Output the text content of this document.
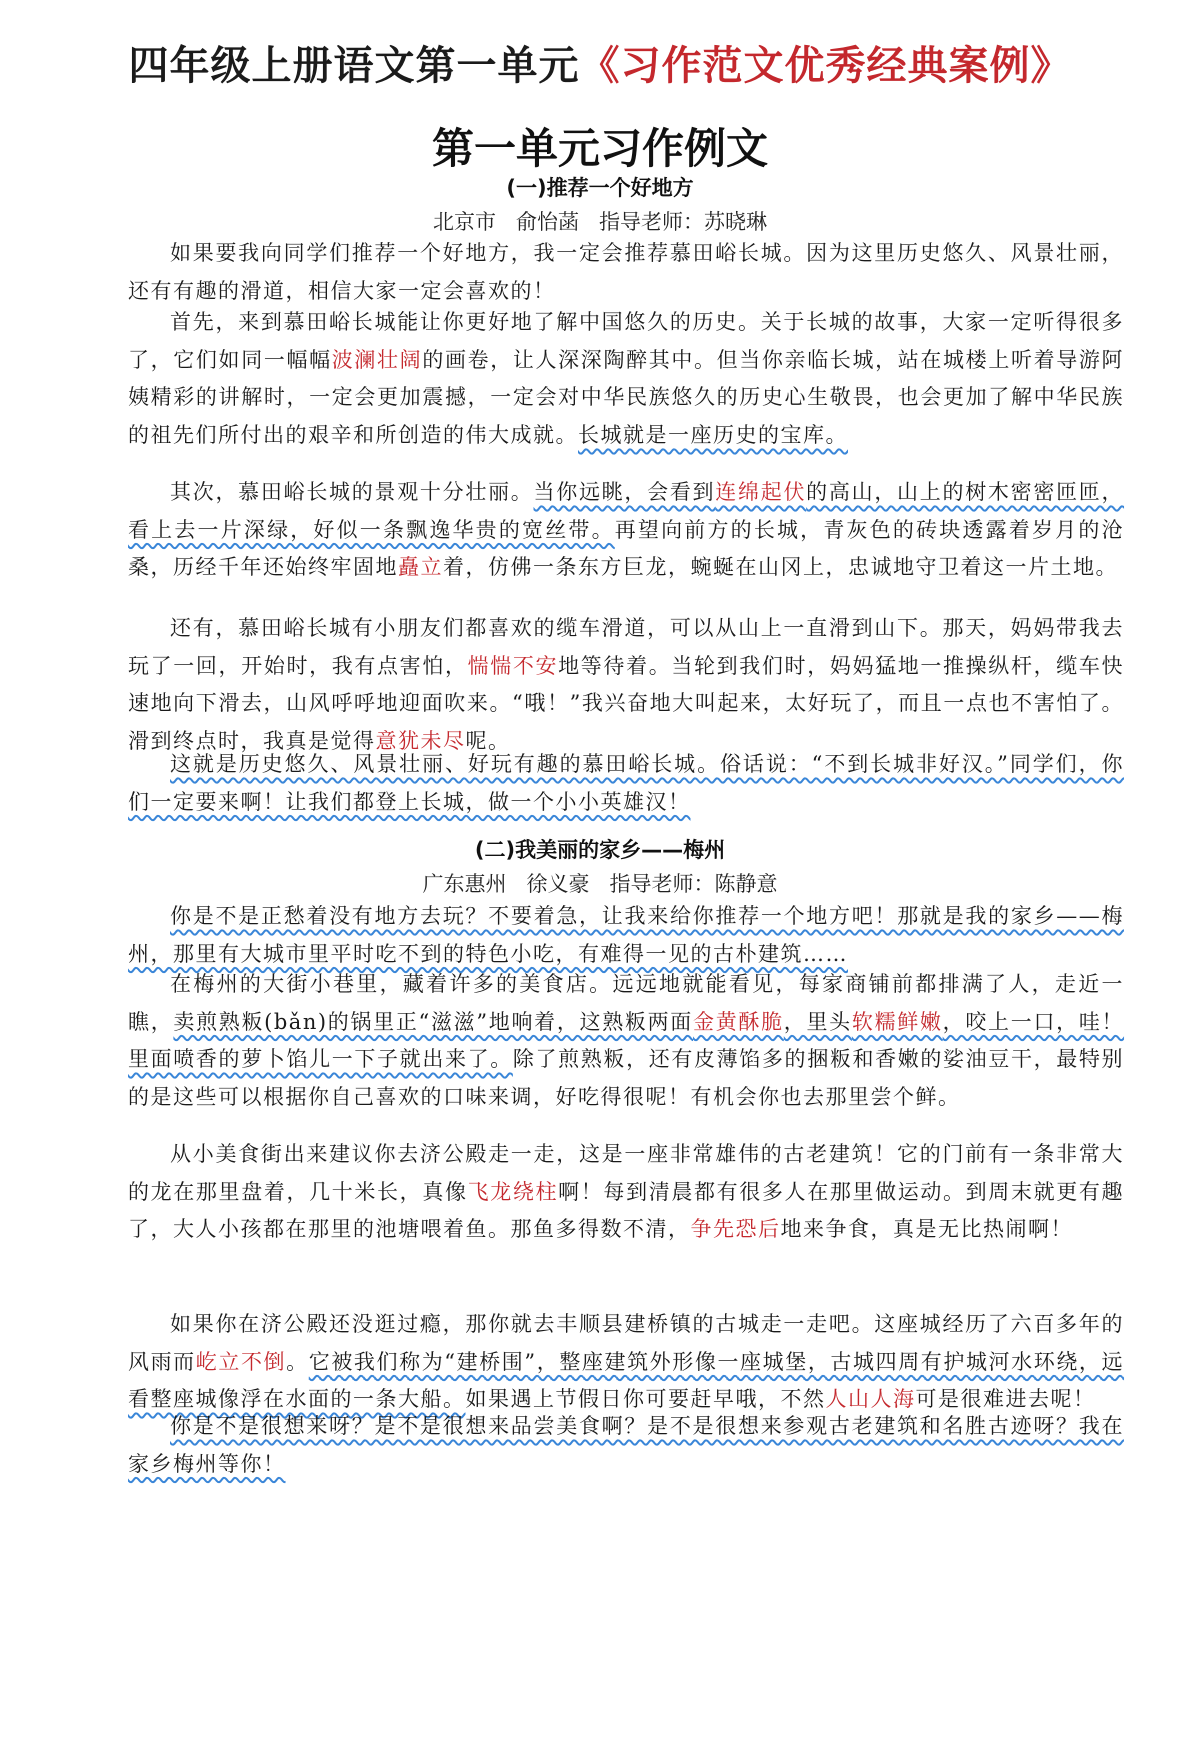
四年级上册语文第一单元《习作范文优秀经典案例》
第一单元习作例文
(一)推荐一个好地方
北京市   俞怡菡   指导老师：苏晓琳

如果要我向同学们推荐一个好地方，我一定会推荐慕田峪长城。因为这里历史悠久、风景壮丽，还有有趣的滑道，相信大家一定会喜欢的！

首先，来到慕田峪长城能让你更好地了解中国悠久的历史。关于长城的故事，大家一定听得很多了，它们如同一幅幅波澜壮阔的画卷，让人深深陶醉其中。但当你亲临长城，站在城楼上听着导游阿姨精彩的讲解时，一定会更加震撼，一定会对中华民族悠久的历史心生敬畏，也会更加了解中华民族的祖先们所付出的艰辛和所创造的伟大成就。长城就是一座历史的宝库。

其次，慕田峪长城的景观十分壮丽。当你远眺，会看到连绵起伏的高山，山上的树木密密匝匝，看上去一片深绿，好似一条飘逸华贵的宽丝带。再望向前方的长城，青灰色的砖块透露着岁月的沧桑，历经千年还始终牢固地矗立着，仿佛一条东方巨龙，蜿蜒在山冈上，忠诚地守卫着这一片土地。

还有，慕田峪长城有小朋友们都喜欢的缆车滑道，可以从山上一直滑到山下。那天，妈妈带我去玩了一回，开始时，我有点害怕，惴惴不安地等待着。当轮到我们时，妈妈猛地一推操纵杆，缆车快速地向下滑去，山风呼呼地迎面吹来。“哦！”我兴奋地大叫起来，太好玩了，而且一点也不害怕了。滑到终点时，我真是觉得意犹未尽呢。

这就是历史悠久、风景壮丽、好玩有趣的慕田峪长城。俗话说：“不到长城非好汉。”同学们，你们一定要来啊！让我们都登上长城，做一个小小英雄汉！

(二)我美丽的家乡——梅州
广东惠州   徐义豪   指导老师：陈静意

你是不是正愁着没有地方去玩？不要着急，让我来给你推荐一个地方吧！那就是我的家乡——梅州，那里有大城市里平时吃不到的特色小吃，有难得一见的古朴建筑……

在梅州的大街小巷里，藏着许多的美食店。远远地就能看见，每家商铺前都排满了人，走近一瞧，卖煎熟粄(bǎn)的锅里正“滋滋”地响着，这熟粄两面金黄酥脆，里头软糯鲜嫩，咬上一口，哇！里面喷香的萝卜馅儿一下子就出来了。除了煎熟粄，还有皮薄馅多的捆粄和香嫩的娑油豆干，最特别的是这些可以根据你自己喜欢的口味来调，好吃得很呢！有机会你也去那里尝个鲜。

从小美食街出来建议你去济公殿走一走，这是一座非常雄伟的古老建筑！它的门前有一条非常大的龙在那里盘着，几十米长，真像飞龙绕柱啊！每到清晨都有很多人在那里做运动。到周末就更有趣了，大人小孩都在那里的池塘喂着鱼。那鱼多得数不清，争先恐后地来争食，真是无比热闹啊！

如果你在济公殿还没逛过瘾，那你就去丰顺县建桥镇的古城走一走吧。这座城经历了六百多年的风雨而屹立不倒。它被我们称为“建桥围”，整座建筑外形像一座城堡，古城四周有护城河水环绕，远看整座城像浮在水面的一条大船。如果遇上节假日你可要赶早哦，不然人山人海可是很难进去呢！

你是不是很想来呀？是不是很想来品尝美食啊？是不是很想来参观古老建筑和名胜古迹呀？我在家乡梅州等你！
